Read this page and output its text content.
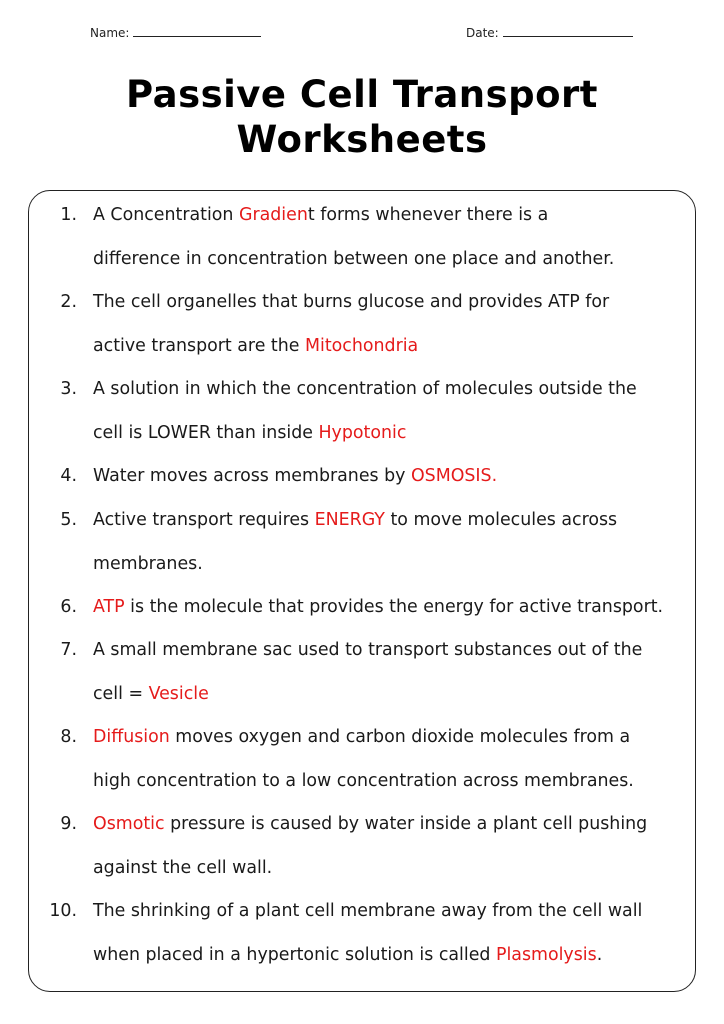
Name:	Date:
Passive Cell Transport
Worksheets
1. A Concentration Gradient forms whenever there is a
difference in concentration between one place and another.
2. The cell organelles that burns glucose and provides ATP for
active transport are the Mitochondria
3. A solution in which the concentration of molecules outside the
cell is LOWER than inside Hypotonic
4. Water moves across membranes by OSMOSIS.
5. Active transport requires ENERGY to move molecules across
membranes.
6. ATP is the molecule that provides the energy for active transport.
7. A small membrane sac used to transport substances out of the
cell = Vesicle
8. Diffusion moves oxygen and carbon dioxide molecules from a
high concentration to a low concentration across membranes.
9. Osmotic pressure is caused by water inside a plant cell pushing
against the cell wall.
10. The shrinking of a plant cell membrane away from the cell wall
when placed in a hypertonic solution is called Plasmolysis.
